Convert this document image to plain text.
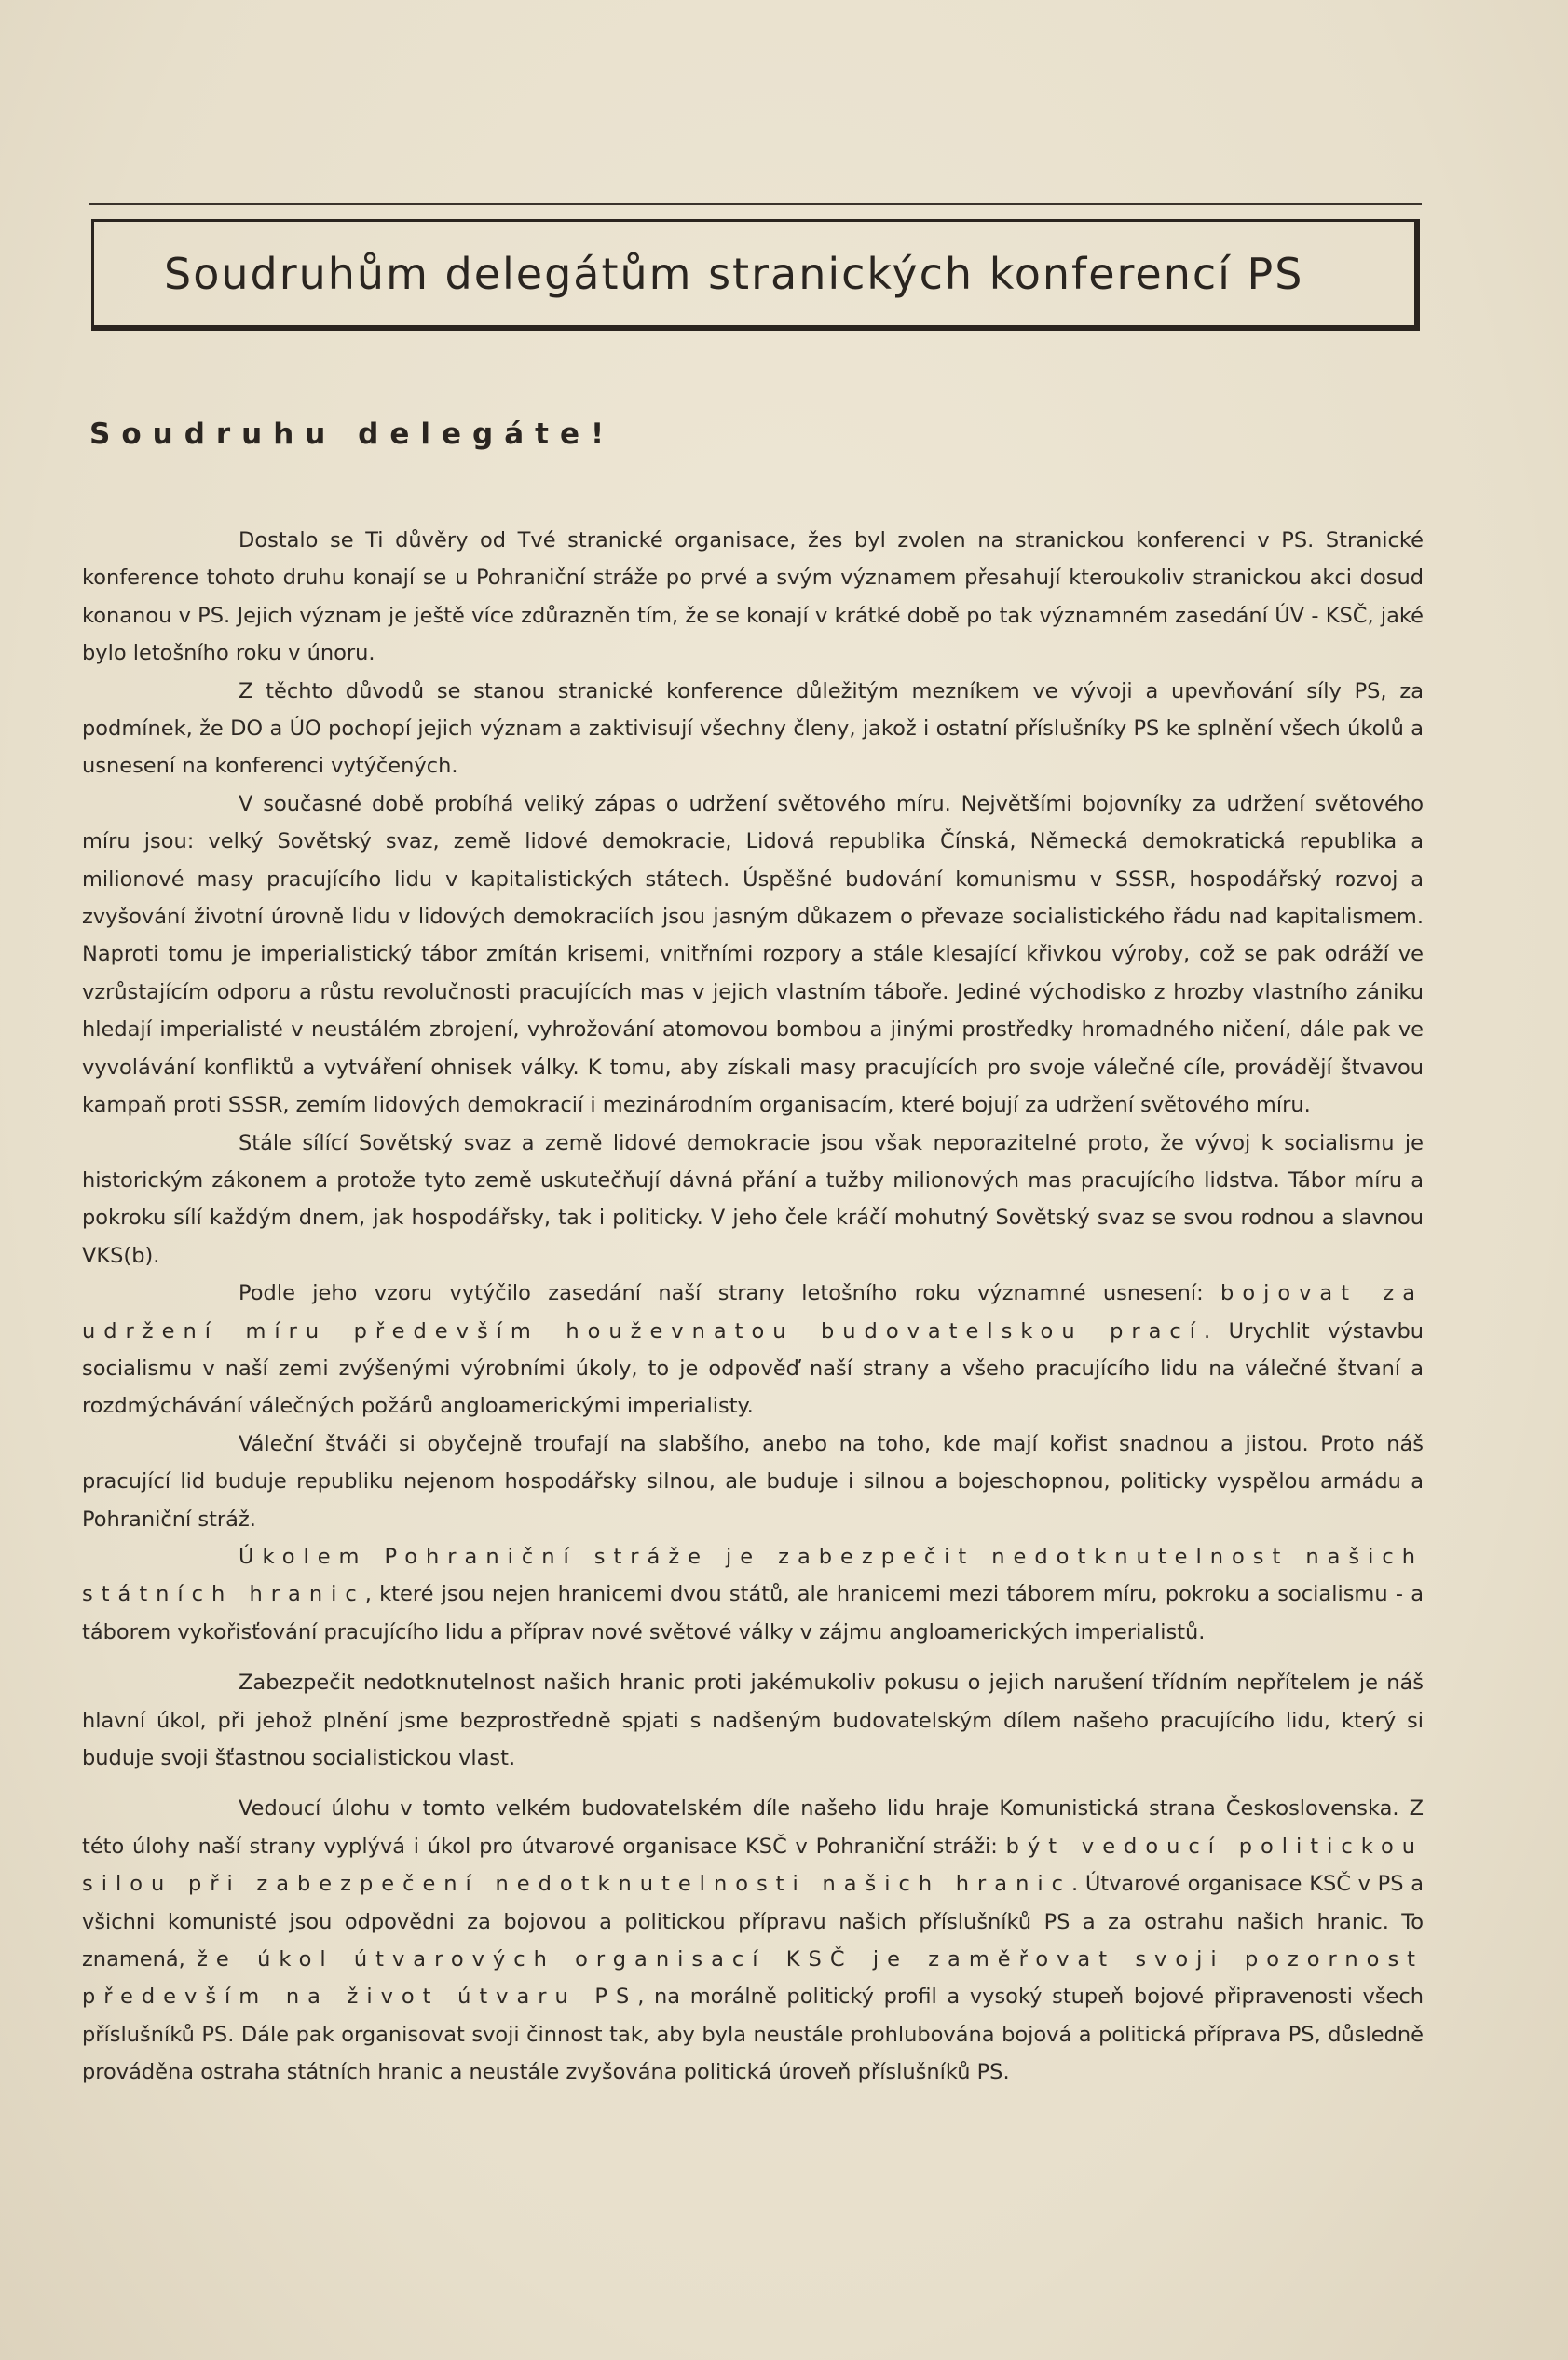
Soudruhům delegátům stranických konferencí PS
Soudruhu delegáte!

Dostalo se Ti důvěry od Tvé stranické organisace, žes byl zvolen na stranickou konferenci v PS. Stranické konference tohoto druhu konají se u Pohraniční stráže po prvé a svým významem přesahují kteroukoliv stranickou akci dosud konanou v PS. Jejich význam je ještě více zdůrazněn tím, že se konají v krátké době po tak významném zasedání ÚV - KSČ, jaké bylo letošního roku v únoru.

Z těchto důvodů se stanou stranické konference důležitým mezníkem ve vývoji a upevňování síly PS, za podmínek, že DO a ÚO pochopí jejich význam a zaktivisují všechny členy, jakož i ostatní příslušníky PS ke splnění všech úkolů a usnesení na konferenci vytýčených.

V současné době probíhá veliký zápas o udržení světového míru. Největšími bojovníky za udržení světového míru jsou: velký Sovětský svaz, země lidové demokracie, Lidová republika Čínská, Německá demokratická republika a milionové masy pracujícího lidu v kapitalistických státech. Úspěšné budování komunismu v SSSR, hospodářský rozvoj a zvyšování životní úrovně lidu v lidových demokraciích jsou jasným důkazem o převaze socialistického řádu nad kapitalismem. Naproti tomu je imperialistický tábor zmítán krisemi, vnitřními rozpory a stále klesající křivkou výroby, což se pak odráží ve vzrůstajícím odporu a růstu revolučnosti pracujících mas v jejich vlastním táboře. Jediné východisko z hrozby vlastního zániku hledají imperialisté v neustálém zbrojení, vyhrožování atomovou bombou a jinými prostředky hromadného ničení, dále pak ve vyvolávání konfliktů a vytváření ohnisek války. K tomu, aby získali masy pracujících pro svoje válečné cíle, provádějí štvavou kampaň proti SSSR, zemím lidových demokracií i mezinárodním organisacím, které bojují za udržení světového míru.

Stále sílící Sovětský svaz a země lidové demokracie jsou však neporazitelné proto, že vývoj k socialismu je historickým zákonem a protože tyto země uskutečňují dávná přání a tužby milionových mas pracujícího lidstva. Tábor míru a pokroku sílí každým dnem, jak hospodářsky, tak i politicky. V jeho čele kráčí mohutný Sovětský svaz se svou rodnou a slavnou VKS(b).

Podle jeho vzoru vytýčilo zasedání naší strany letošního roku významné usnesení: bojovat za udržení míru především houževnatou budovatelskou prací. Urychlit výstavbu socialismu v naší zemi zvýšenými výrobními úkoly, to je odpověď naší strany a všeho pracujícího lidu na válečné štvaní a rozdmýchávání válečných požárů angloamerickými imperialisty.

Váleční štváči si obyčejně troufají na slabšího, anebo na toho, kde mají kořist snadnou a jistou. Proto náš pracující lid buduje republiku nejenom hospodářsky silnou, ale buduje i silnou a bojeschopnou, politicky vyspělou armádu a Pohraniční stráž.

Úkolem Pohraniční stráže je zabezpečit nedotknutelnost našich státních hranic, které jsou nejen hranicemi dvou států, ale hranicemi mezi táborem míru, pokroku a socialismu - a táborem vykořisťování pracujícího lidu a příprav nové světové války v zájmu angloamerických imperialistů.

Zabezpečit nedotknutelnost našich hranic proti jakémukoliv pokusu o jejich narušení třídním nepřítelem je náš hlavní úkol, při jehož plnění jsme bezprostředně spjati s nadšeným budovatelským dílem našeho pracujícího lidu, který si buduje svoji šťastnou socialistickou vlast.

Vedoucí úlohu v tomto velkém budovatelském díle našeho lidu hraje Komunistická strana Československa. Z této úlohy naší strany vyplývá i úkol pro útvarové organisace KSČ v Pohraniční stráži: být vedoucí politickou silou při zabezpečení nedotknutelnosti našich hranic. Útvarové organisace KSČ v PS a všichni komunisté jsou odpovědni za bojovou a politickou přípravu našich příslušníků PS a za ostrahu našich hranic. To znamená, že úkol útvarových organisací KSČ je zaměřovat svoji pozornost především na život útvaru PS, na morálně politický profil a vysoký stupeň bojové připravenosti všech příslušníků PS. Dále pak organisovat svoji činnost tak, aby byla neustále prohlubována bojová a politická příprava PS, důsledně prováděna ostraha státních hranic a neustále zvyšována politická úroveň příslušníků PS.
